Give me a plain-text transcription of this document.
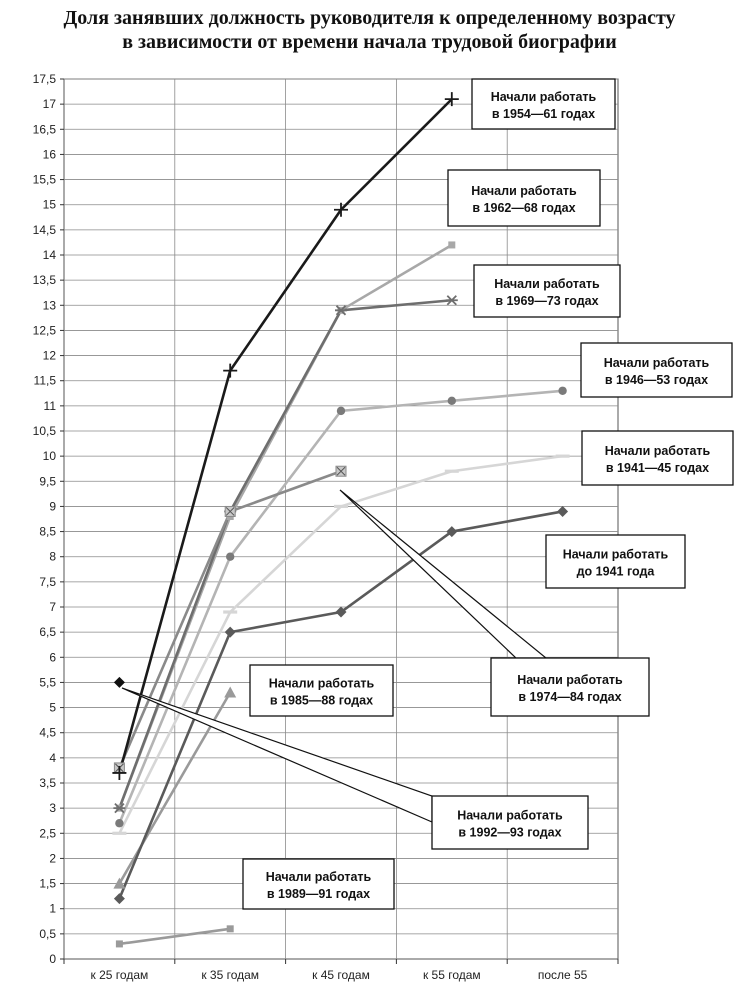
Доля занявших должность руководителя к определенному возрасту
в зависимости от времени начала трудовой биографии
0
0,5
1
1,5
2
2,5
3
3,5
4
4,5
5
5,5
6
6,5
7
7,5
8
8,5
9
9,5
10
10,5
11
11,5
12
12,5
13
13,5
14
14,5
15
15,5
16
16,5
17
17,5
к 25 годам	к 35 годам	к 45 годам	к 55 годам	после 55
Начали работать
в 1954—61 годах
Начали работать
в 1962—68 годах
Начали работать
в 1969—73 годах
Начали работать
в 1946—53 годах
Начали работать
в 1941—45 годах
Начали работать
до 1941 года
Начали работать
в 1974—84 годах
Начали работать
в 1985—88 годах
Начали работать
в 1992—93 годах
Начали работать
в 1989—91 годах
